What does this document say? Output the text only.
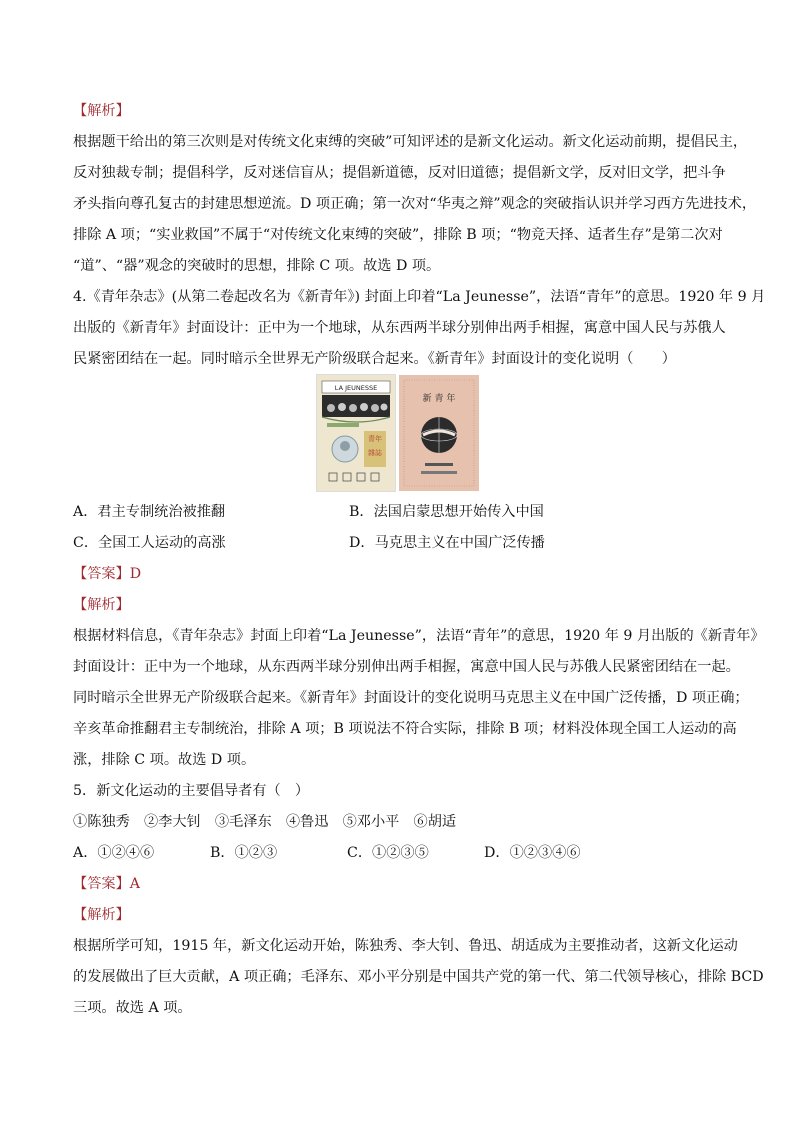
【解析】
根据题干给出的第三次则是对传统文化束缚的突破”可知评述的是新文化运动。新文化运动前期，提倡民主，
反对独裁专制；提倡科学，反对迷信盲从；提倡新道德，反对旧道德；提倡新文学，反对旧文学，把斗争
矛头指向尊孔复古的封建思想逆流。D 项正确；第一次对“华夷之辩”观念的突破指认识并学习西方先进技术，
排除 A 项；“实业救国”不属于“对传统文化束缚的突破”，排除 B 项；“物竞天择、适者生存”是第二次对
“道”、“器”观念的突破时的思想，排除 C 项。故选 D 项。
4.《青年杂志》(从第二卷起改名为《新青年》) 封面上印着“La Jeunesse”，法语“青年”的意思。1920 年 9 月
出版的《新青年》封面设计：正中为一个地球，从东西两半球分别伸出两手相握，寓意中国人民与苏俄人
民紧密团结在一起。同时暗示全世界无产阶级联合起来。《新青年》封面设计的变化说明（　　）
LA JEUNESSE
青年
雜誌
新 青 年
A．君主专制统治被推翻	B．法国启蒙思想开始传入中国
C．全国工人运动的高涨	D．马克思主义在中国广泛传播
【答案】D
【解析】
根据材料信息，《青年杂志》封面上印着“La Jeunesse”，法语“青年”的意思，1920 年 9 月出版的《新青年》
封面设计：正中为一个地球，从东西两半球分别伸出两手相握，寓意中国人民与苏俄人民紧密团结在一起。
同时暗示全世界无产阶级联合起来。《新青年》封面设计的变化说明马克思主义在中国广泛传播，D 项正确；
辛亥革命推翻君主专制统治，排除 A 项；B 项说法不符合实际，排除 B 项；材料没体现全国工人运动的高
涨，排除 C 项。故选 D 项。
5．新文化运动的主要倡导者有（　）
①陈独秀　②李大钊　③毛泽东　④鲁迅　⑤邓小平　⑥胡适
A．①②④⑥	B．①②③	C．①②③⑤	D．①②③④⑥
【答案】A
【解析】
根据所学可知，1915 年，新文化运动开始，陈独秀、李大钊、鲁迅、胡适成为主要推动者，这新文化运动
的发展做出了巨大贡献，A 项正确；毛泽东、邓小平分别是中国共产党的第一代、第二代领导核心，排除 BCD
三项。故选 A 项。
